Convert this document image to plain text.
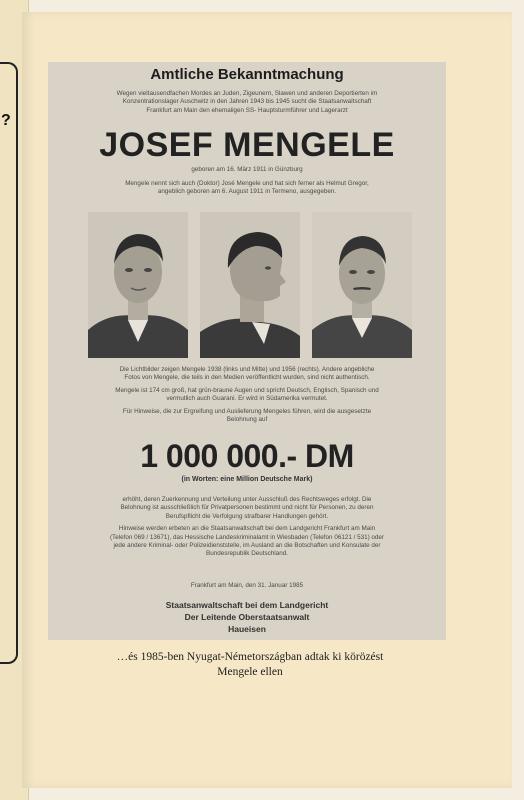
?
Amtliche Bekanntmachung
Wegen vieltausendfachen Mordes an Juden, Zigeunern, Slawen und anderen Deportierten im
Konzentrationslager Auschwitz in den Jahren 1943 bis 1945 sucht die Staatsanwaltschaft
Frankfurt am Main den ehemaligen SS- Hauptsturmführer und Lagerarzt
JOSEF MENGELE
geboren am 16. März 1911 in Günzburg
Mengele nennt sich auch (Doktor) José Mengele und hat sich ferner als Helmut Gregor,
angeblich geboren am 6. August 1911 in Termeno, ausgegeben.
Die Lichtbilder zeigen Mengele 1938 (links und Mitte) und 1956 (rechts). Andere angebliche
Fotos von Mengele, die teils in den Medien veröffentlicht wurden, sind nicht authentisch.
Mengele ist 174 cm groß, hat grün-braune Augen und spricht Deutsch, Englisch, Spanisch und
vermutlich auch Guarani. Er wird in Südamerika vermutet.
Für Hinweise, die zur Ergreifung und Auslieferung Mengeles führen, wird die ausgesetzte
Belohnung auf
1 000 000.- DM
(in Worten: eine Million Deutsche Mark)
erhöht, deren Zuerkennung und Verteilung unter Ausschluß des Rechtsweges erfolgt. Die
Belohnung ist ausschließlich für Privatpersonen bestimmt und nicht für Personen, zu deren
Berufspflicht die Verfolgung strafbarer Handlungen gehört.
Hinweise werden erbeten an die Staatsanwaltschaft bei dem Landgericht Frankfurt am Main
(Telefon 069 / 13671), das Hessische Landeskriminalamt in Wiesbaden (Telefon 06121 / 531) oder
jede andere Kriminal- oder Polizeidienststelle, im Ausland an die Botschaften und Konsulate der
Bundesrepublik Deutschland.
Frankfurt am Main, den 31. Januar 1985
Staatsanwaltschaft bei dem Landgericht
Der Leitende Oberstaatsanwalt
Haueisen
…és 1985-ben Nyugat-Németországban adtak ki körözést
Mengele ellen
